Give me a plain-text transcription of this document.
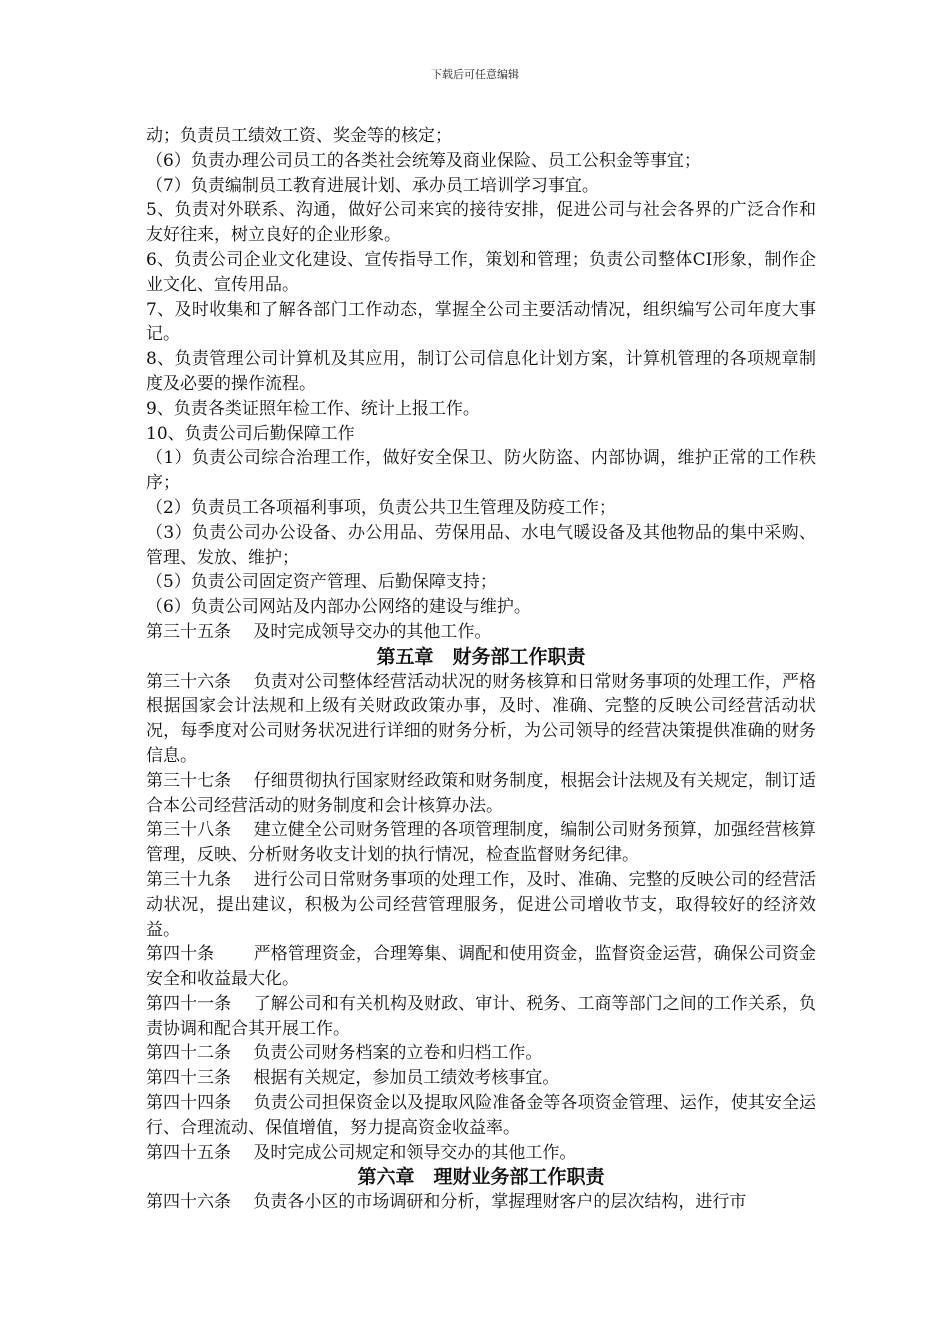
下载后可任意编辑

动；负责员工绩效工资、奖金等的核定；

（6）负责办理公司员工的各类社会统筹及商业保险、员工公积金等事宜；

（7）负责编制员工教育进展计划、承办员工培训学习事宜。

5、负责对外联系、沟通，做好公司来宾的接待安排，促进公司与社会各界的广泛合作和友好往来，树立良好的企业形象。

6、负责公司企业文化建设、宣传指导工作，策划和管理；负责公司整体CI形象，制作企业文化、宣传用品。

7、及时收集和了解各部门工作动态，掌握全公司主要活动情况，组织编写公司年度大事记。

8、负责管理公司计算机及其应用，制订公司信息化计划方案，计算机管理的各项规章制度及必要的操作流程。

9、负责各类证照年检工作、统计上报工作。

10、负责公司后勤保障工作

（1）负责公司综合治理工作，做好安全保卫、防火防盗、内部协调，维护正常的工作秩序；

（2）负责员工各项福利事项，负责公共卫生管理及防疫工作；

（3）负责公司办公设备、办公用品、劳保用品、水电气暖设备及其他物品的集中采购、管理、发放、维护；

（5）负责公司固定资产管理、后勤保障支持；

（6）负责公司网站及内部办公网络的建设与维护。

第三十五条　 及时完成领导交办的其他工作。

第五章　财务部工作职责

第三十六条　 负责对公司整体经营活动状况的财务核算和日常财务事项的处理工作，严格根据国家会计法规和上级有关财政政策办事，及时、准确、完整的反映公司经营活动状况，每季度对公司财务状况进行详细的财务分析，为公司领导的经营决策提供准确的财务信息。

第三十七条　 仔细贯彻执行国家财经政策和财务制度，根据会计法规及有关规定，制订适合本公司经营活动的财务制度和会计核算办法。

第三十八条　 建立健全公司财务管理的各项管理制度，编制公司财务预算，加强经营核算管理，反映、分析财务收支计划的执行情况，检查监督财务纪律。

第三十九条　 进行公司日常财务事项的处理工作，及时、准确、完整的反映公司的经营活动状况，提出建议，积极为公司经营管理服务，促进公司增收节支，取得较好的经济效益。

第四十条　　 严格管理资金，合理筹集、调配和使用资金，监督资金运营，确保公司资金安全和收益最大化。

第四十一条　 了解公司和有关机构及财政、审计、税务、工商等部门之间的工作关系，负责协调和配合其开展工作。

第四十二条　 负责公司财务档案的立卷和归档工作。

第四十三条　 根据有关规定，参加员工绩效考核事宜。

第四十四条　 负责公司担保资金以及提取风险准备金等各项资金管理、运作，使其安全运行、合理流动、保值增值，努力提高资金收益率。

第四十五条　 及时完成公司规定和领导交办的其他工作。

第六章　理财业务部工作职责

第四十六条　 负责各小区的市场调研和分析，掌握理财客户的层次结构，进行市
